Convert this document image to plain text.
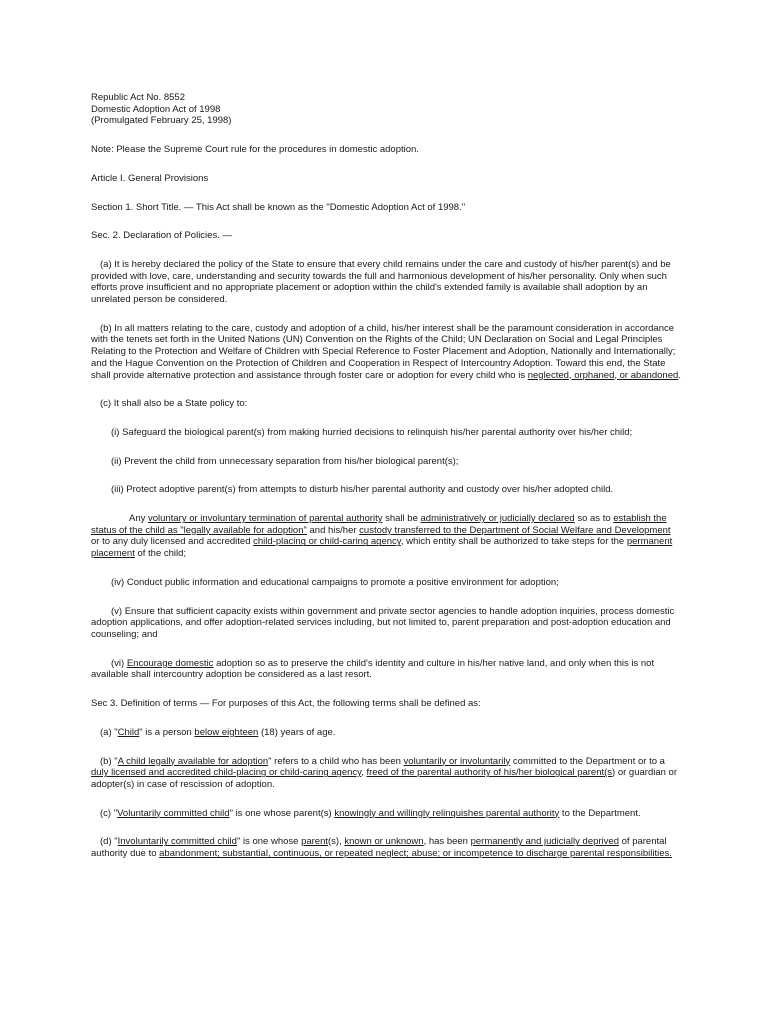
Republic Act No. 8552

Domestic Adoption Act of 1998

(Promulgated February 25, 1998)

Note: Please the Supreme Court rule for the procedures in domestic adoption.

Article I. General Provisions

Section 1. Short Title. — This Act shall be known as the "Domestic Adoption Act of 1998."

Sec. 2. Declaration of Policies. —

(a) It is hereby declared the policy of the State to ensure that every child remains under the care and custody of his/her parent(s) and be provided with love, care, understanding and security towards the full and harmonious development of his/her personality. Only when such efforts prove insufficient and no appropriate placement or adoption within the child's extended family is available shall adoption by an unrelated person be considered.

(b) In all matters relating to the care, custody and adoption of a child, his/her interest shall be the paramount consideration in accordance with the tenets set forth in the United Nations (UN) Convention on the Rights of the Child; UN Declaration on Social and Legal Principles Relating to the Protection and Welfare of Children with Special Reference to Foster Placement and Adoption, Nationally and Internationally; and the Hague Convention on the Protection of Children and Cooperation in Respect of Intercountry Adoption. Toward this end, the State shall provide alternative protection and assistance through foster care or adoption for every child who is neglected, orphaned, or abandoned.

(c) It shall also be a State policy to:

(i) Safeguard the biological parent(s) from making hurried decisions to relinquish his/her parental authority over his/her child;

(ii) Prevent the child from unnecessary separation from his/her biological parent(s);

(iii) Protect adoptive parent(s) from attempts to disturb his/her parental authority and custody over his/her adopted child.

Any voluntary or involuntary termination of parental authority shall be administratively or judicially declared so as to establish the status of the child as "legally available for adoption" and his/her custody transferred to the Department of Social Welfare and Development or to any duly licensed and accredited child-placing or child-caring agency, which entity shall be authorized to take steps for the permanent placement of the child;

(iv) Conduct public information and educational campaigns to promote a positive environment for adoption;

(v) Ensure that sufficient capacity exists within government and private sector agencies to handle adoption inquiries, process domestic adoption applications, and offer adoption-related services including, but not limited to, parent preparation and post-adoption education and counseling; and

(vi) Encourage domestic adoption so as to preserve the child's identity and culture in his/her native land, and only when this is not available shall intercountry adoption be considered as a last resort.

Sec 3. Definition of terms — For purposes of this Act, the following terms shall be defined as:

(a) "Child" is a person below eighteen (18) years of age.

(b) "A child legally available for adoption" refers to a child who has been voluntarily or involuntarily committed to the Department or to a duly licensed and accredited child-placing or child-caring agency, freed of the parental authority of his/her biological parent(s) or guardian or adopter(s) in case of rescission of adoption.

(c) "Voluntarily committed child" is one whose parent(s) knowingly and willingly relinquishes parental authority to the Department.

(d) "Involuntarily committed child" is one whose parent(s), known or unknown, has been permanently and judicially deprived of parental authority due to abandonment; substantial, continuous, or repeated neglect; abuse; or incompetence to discharge parental responsibilities.
